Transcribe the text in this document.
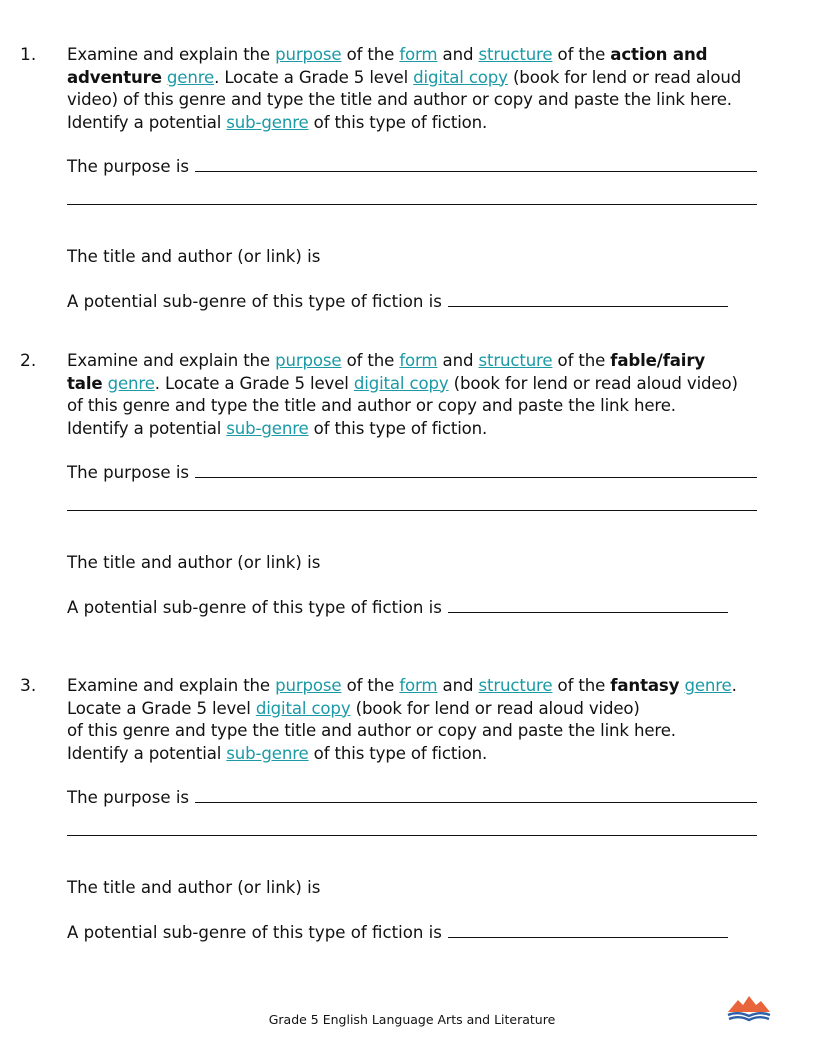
1. Examine and explain the purpose of the form and structure of the action and
adventure genre. Locate a Grade 5 level digital copy (book for lend or read aloud
video) of this genre and type the title and author or copy and paste the link here.
Identify a potential sub-genre of this type of fiction.
The purpose is
The title and author (or link) is
A potential sub-genre of this type of fiction is
2. Examine and explain the purpose of the form and structure of the fable/fairy
tale genre. Locate a Grade 5 level digital copy (book for lend or read aloud video)
of this genre and type the title and author or copy and paste the link here.
Identify a potential sub-genre of this type of fiction.
The purpose is
The title and author (or link) is
A potential sub-genre of this type of fiction is
3. Examine and explain the purpose of the form and structure of the fantasy genre.
Locate a Grade 5 level digital copy (book for lend or read aloud video)
of this genre and type the title and author or copy and paste the link here.
Identify a potential sub-genre of this type of fiction.
The purpose is
The title and author (or link) is
A potential sub-genre of this type of fiction is
Grade 5 English Language Arts and Literature
